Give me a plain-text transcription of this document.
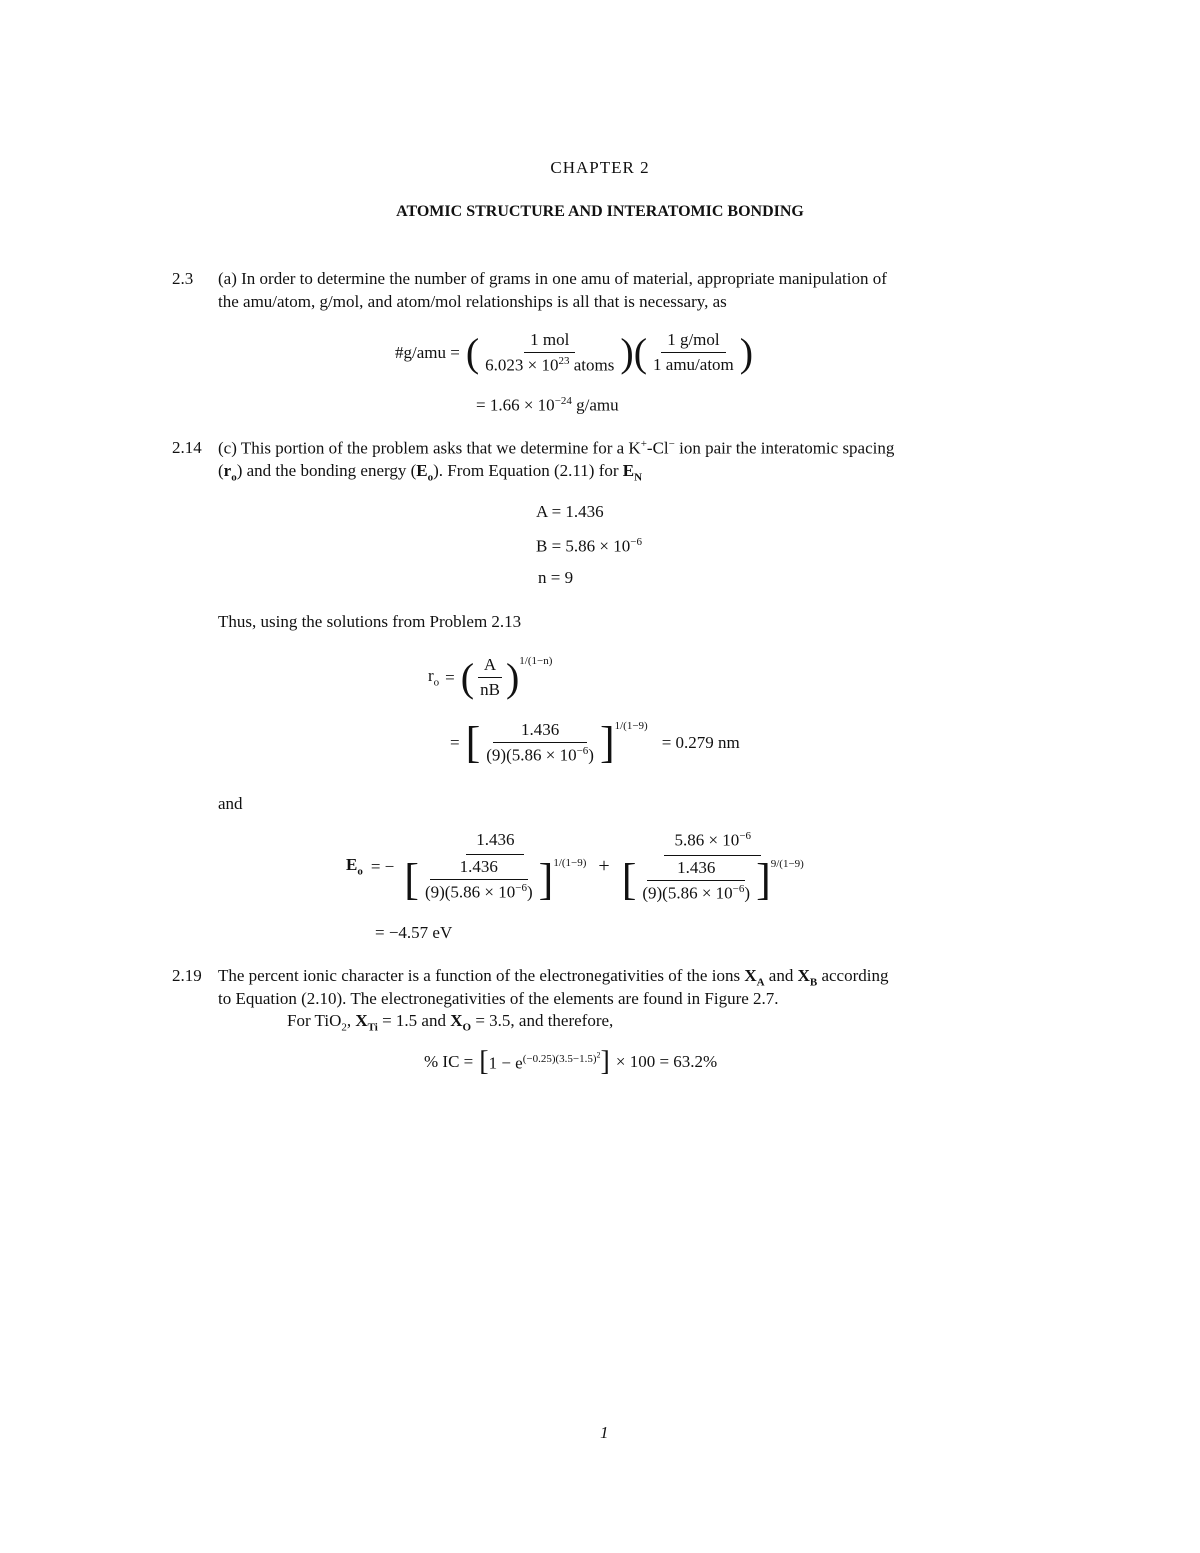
CHAPTER 2
ATOMIC STRUCTURE AND INTERATOMIC BONDING
2.3 (a) In order to determine the number of grams in one amu of material, appropriate manipulation of
the amu/atom, g/mol, and atom/mol relationships is all that is necessary, as
#g/amu = ( $\frac{\text{1 mol}}{6.023 \times 10^{23} atoms}$ ) ( $\frac{\text{1 g/mol}}{\text{1 amu/atom}}$ )
= $1.66 \times 10^{-24}$ g/amu
2.14 (c) This portion of the problem asks that we determine for a K+-Cl− ion pair the interatomic spacing
$(r_o)$ and the bonding energy $(E_o)$. From Equation (2.11) for $E_N$
A = 1.436
$B = 5.86 \times 10^{-6}$
n = 9
Thus, using the solutions from Problem 2.13
$r_o$ = ( $\frac{A}{nB}$ ) 1/(1−n)
= [ $\frac{1.436}{(9)(5.86 \times 10^{-6})}$ ] 1/(1−9)
= 0.279 nm
and
$E_o$ = −
1.436
[ $\frac{1.436}{(9)(5.86 \times 10^{-6})}$ ] 1/(1−9) +
$5.86 \times 10^{-6}$
[ $\frac{1.436}{(9)(5.86 \times 10^{-6})}$ ] 9/(1−9)
= −4.57 eV
2.19 The percent ionic character is a function of the electronegativities of the ions $X_A$ and $X_B$ according
to Equation (2.10). The electronegativities of the elements are found in Figure 2.7.
For TiO$_2$, $X_{Ti} = 1.5$ and $X_O = 3.5$, and therefore,
% IC = [ $1 - e^{(-0.25)(3.5-1.5)^2}$ ] × 100 = 63.2%
1
